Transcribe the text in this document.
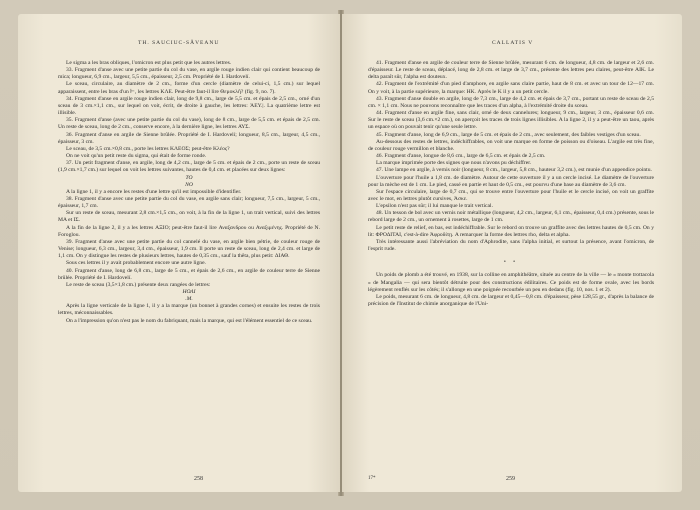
TH. SAUCIUC-SĂVEANU

Le sigma a les bras obliques, l'omicron est plus petit que les autres lettres.

33. Fragment d'anse avec une petite partie du col du vase, en argile rouge indien clair qui contient beaucoup de mica; longueur, 6,9 cm., largeur, 5,5 cm., épaisseur, 2,5 cm. Propriété de I. Hardovelí.

Le sceau, circulaire, au diamètre de 2 cm., forme d'un cercle (diamètre de celui-ci, 1,5 cm.) sur lequel apparaissent, entre les bras d'un ⊢, les lettres ΚΛΕ. Peut-être faut-il lire Θεμοκλῆ? (fig. 9, no. 7).

34. Fragment d'anse en argile rouge indien clair, long de 9,8 cm., large de 5,5 cm. et épais de 2,5 cm., orné d'un sceau de 3 cm.×1,1 cm., sur lequel on voit, écrit, de droite à gauche, les lettres: ΆΕΥ.|. La quatrième lettre est illisible.

35. Fragment d'anse (avec une petite partie du col du vase), long de 8 cm., large de 5,5 cm. et épais de 2,5 cm. Un reste de sceau, long de 2 cm., conserve encore, à la dernière ligne, les lettres ΑΥΣ.

36. Fragment d'anse en argile de Sienne brûlée. Propriété de I. Hardovelí; longueur, 8,5 cm., largeur, 4,5 cm., épaisseur, 3 cm.

Le sceau, de 3,5 cm.×0,8 cm., porte les lettres ΚΛΕΟΣ; peut-être Κλέος?

On ne voit qu'un petit reste du sigma, qui était de forme ronde.

37. Un petit fragment d'anse, en argile, long de 4,2 cm., large de 5 cm. et épais de 2 cm., porte un reste de sceau (1,9 cm.×1,7 cm.) sur lequel on voit les lettres suivantes, hautes de 0,4 cm. et placées sur deux lignes:

ΤΟ

ΝΟ

A la ligne 1, il y a encore les restes d'une lettre qu'il est impossible d'identifier.

38. Fragment d'anse avec une petite partie du col du vase, en argile sans clair; longueur, 7,5 cm., largeur, 5 cm., épaisseur, 1,7 cm.

Sur un reste de sceau, mesurant 2,8 cm.×1,5 cm., on voit, à la fin de la ligne 1, un trait vertical, suivi des lettres ΜΑ et ΙΣ.

A la fin de la ligne 2, il y a les lettres ΑΞΙΟ; peut-être faut-il lire Αναξανδρου ou Αναξιμένης. Propriété de N. Foroglou.

39. Fragment d'anse avec une petite partie du col cannelé du vase, en argile bien pétrie, de couleur rouge de Venise; longueur, 6,3 cm., largeur, 3,4 cm., épaisseur, 1,9 cm. Il porte un reste de sceau, long de 2,4 cm. et large de 1,1 cm. On y distingue les restes de plusieurs lettres, hautes de 0,35 cm., sauf la thêta, plus petit: ΔΙΑΘ.

Sous ces lettres il y avait probablement encore une autre ligne.

40. Fragment d'anse, long de 6,8 cm., large de 5 cm., et épais de 2,6 cm., en argile de couleur terre de Sienne brûlée. Propriété de I. Hardovelí.

Le reste de sceau (3,5×1,8 cm.) présente deux rangées de lettres:

ΗΟΛΙ

.Μ.

Après la ligne verticale de la ligne 1, il y a la marque (un bonnet à grandes cornes) et ensuite les restes de trois lettres, méconnaissables.

On a l'impression qu'on n'est pas le nom du fabriquant, mais la marque, qui est l'élément essentiel de ce sceau.

258
CALLATIS V

41. Fragment d'anse en argile de couleur terre de Sienne brûlée, mesurant 6 cm. de longueur, 4,8 cm. de largeur et 2,6 cm. d'épaisseur. Le reste de sceau, déplacé, long de 2,8 cm. et large de 3,7 cm., présente des lettres peu claires, peut-être ΑΙΚ. Le delta paraît sûr, l'alpha est douteux.

42. Fragment de l'extrémité d'un pied d'amphore, en argile sans claire partie, haut de 8 cm. et avec un tour de 12—17 cm. On y voit, à la partie supérieure, la marque: ΗΚ. Après le Κ il y a un petit cercle.

43. Fragment d'anse double en argile, long de 7,3 cm., large de 4,2 cm. et épais de 3,7 cm., portant un reste de sceau de 2,5 cm. × 1,1 cm. Nous ne pouvons reconnaître que les traces d'un alpha, à l'extrémité droite du sceau.

44. Fragment d'anse en argile fine, sans clair, orné de deux cannelures; longueur, 9 cm., largeur, 3 cm., épaisseur 0,6 cm. Sur le reste de sceau (3,6 cm.×2 cm.), on aperçoit les traces de trois lignes illisibles. A la ligne 2, il y a peut-être un taou, après un espace où on pouvait tenir qu'une seule lettre.

45. Fragment d'anse, long de 6,9 cm., large de 5 cm. et épais de 2 cm., avec seulement, des faibles vestiges d'un sceau.

Au-dessous des restes de lettres, indéchiffrables, on voit une marque en forme de poisson ou d'oiseau. L'argile est très fine, de couleur rouge vermillon et blanche.

46. Fragment d'anse, longue de 8,6 cm., large de 6,5 cm. et épais de 2,5 cm.

La marque imprimée porte des signes que nous n'avons pu déchiffrer.

47. Une lampe en argile, à vernis noir (longueur, 8 cm., largeur, 5,8 cm., hauteur 3,2 cm.), est munie d'un appendice pointu.

L'ouverture pour l'huile a 1,8 cm. de diamètre. Autour de cette ouverture il y a un cercle incisé. Le diamètre de l'ouverture pour la mèche est de 1 cm. Le pied, cassé en partie et haut de 0,5 cm., est pourvu d'une base au diamètre de 3,6 cm.

Sur l'espace circulaire, large de 0,7 cm., qui se trouve entre l'ouverture pour l'huile et le cercle incisé, on voit un graffite avec le mot, en lettres plutôt cursives, Ἀσκε.

L'epsilon n'est pas sûr; il lui manque le trait vertical.

48. Un tesson de bol avec un vernis noir métallique (longueur, 4,2 cm., largeur, 6,1 cm., épaisseur, 0,4 cm.) présente, sous le rebord large de 2 cm., un ornement à rosettes, large de 1 cm.

Le petit reste de relief, en bas, est indéchiffrable. Sur le rebord on trouve un graffite avec des lettres hautes de 0,5 cm. On y lit: ΦΡΟΔΙΤΑΙ, c'est-à-dire Ἀφροδίτῃ. A remarquer la forme des lettres rho, delta et alpha.

Très intéressante aussi l'abréviation du nom d'Aphrodite, sans l'alpha initial, et surtout la présence, avant l'omicron, de l'esprit rude.

• •

Un poids de plomb a été trouvé, en 1938, sur la colline en amphithéâtre, située au centre de la ville — le « monte trottacola » de Mangalia — qui sera bientôt détruite pour des constructions édilitaires. Ce poids est de forme ovale, avec les bords légèrement renflés sur les côtés; il s'allonge en une poignée recourbée un peu en dedans (fig. 10, nos. 1 et 2).

Le poids, mesurant 6 cm. de longueur, 4,8 cm. de largeur et 0,45—0,8 cm. d'épaisseur, pèse 128,55 gr., d'après la balance de précision de l'Institut de chimie anorganique de l'Uni-

17*	259
